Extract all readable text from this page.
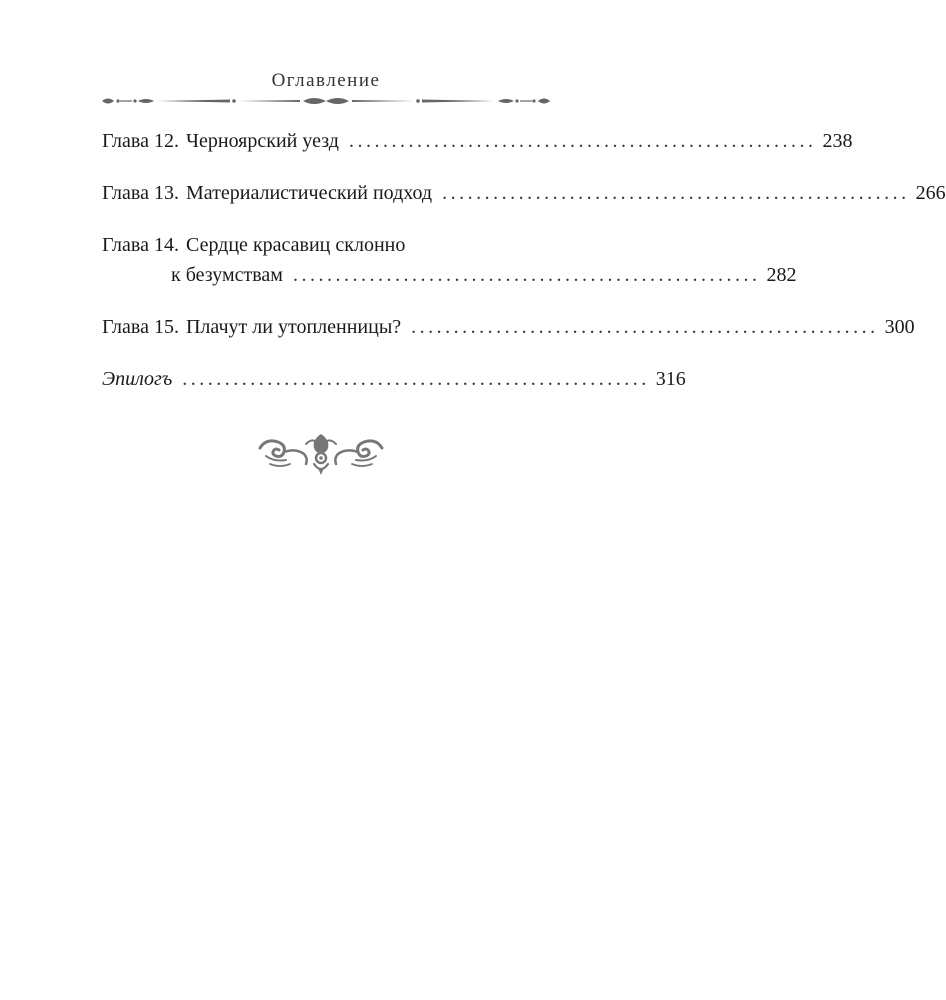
Оглавление
Глава 12. Черноярский уезд ....................................................... 238
Глава 13. Материалистический подход ....................................................... 266
Глава 14. Сердце красавиц склонно
к безумствам ....................................................... 282
Глава 15. Плачут ли утопленницы? ....................................................... 300
Эпилогъ ....................................................... 316
